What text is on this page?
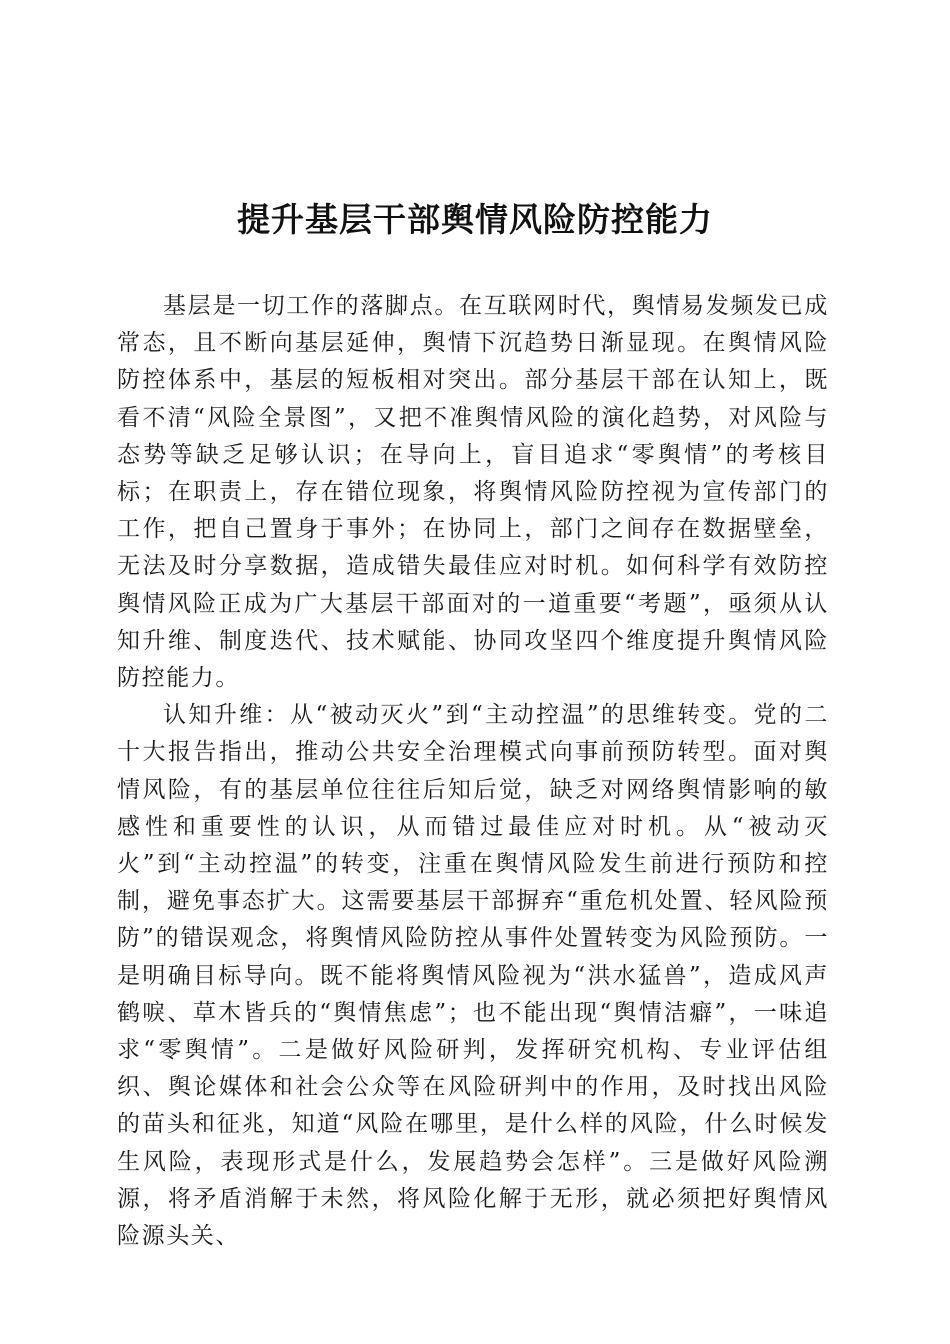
提升基层干部舆情风险防控能力

基层是一切工作的落脚点。在互联网时代，舆情易发频发已成常态，且不断向基层延伸，舆情下沉趋势日渐显现。在舆情风险防控体系中，基层的短板相对突出。部分基层干部在认知上，既看不清“风险全景图”，又把不准舆情风险的演化趋势，对风险与态势等缺乏足够认识；在导向上，盲目追求“零舆情”的考核目标；在职责上，存在错位现象，将舆情风险防控视为宣传部门的工作，把自己置身于事外；在协同上，部门之间存在数据壁垒，无法及时分享数据，造成错失最佳应对时机。如何科学有效防控舆情风险正成为广大基层干部面对的一道重要“考题”，亟须从认知升维、制度迭代、技术赋能、协同攻坚四个维度提升舆情风险防控能力。

认知升维：从“被动灭火”到“主动控温”的思维转变。党的二十大报告指出，推动公共安全治理模式向事前预防转型。面对舆情风险，有的基层单位往往后知后觉，缺乏对网络舆情影响的敏感性和重要性的认识，从而错过最佳应对时机。从“被动灭火”到“主动控温”的转变，注重在舆情风险发生前进行预防和控制，避免事态扩大。这需要基层干部摒弃“重危机处置、轻风险预防”的错误观念，将舆情风险防控从事件处置转变为风险预防。一是明确目标导向。既不能将舆情风险视为“洪水猛兽”，造成风声鹤唳、草木皆兵的“舆情焦虑”；也不能出现“舆情洁癖”，一味追求“零舆情”。二是做好风险研判，发挥研究机构、专业评估组织、舆论媒体和社会公众等在风险研判中的作用，及时找出风险的苗头和征兆，知道“风险在哪里，是什么样的风险，什么时候发生风险，表现形式是什么，发展趋势会怎样”。三是做好风险溯源，将矛盾消解于未然，将风险化解于无形，就必须把好舆情风险源头关、
